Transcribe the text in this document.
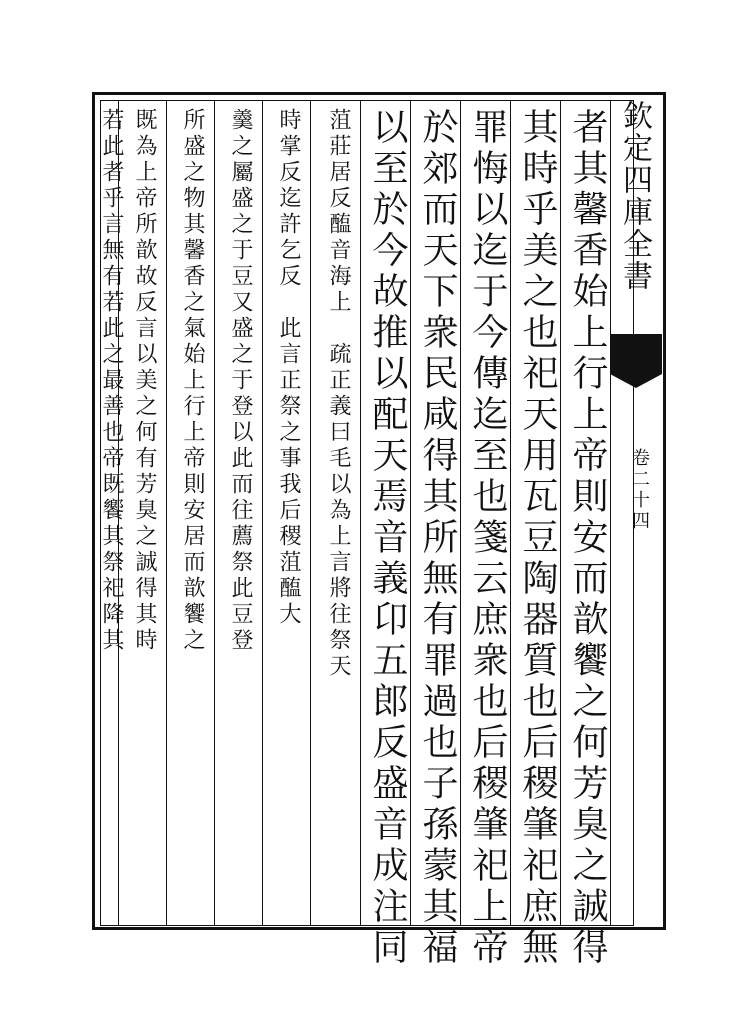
欽定四庫全書
卷二十四
者其馨香始上行上帝則安而歆饗之何芳臭之誠得
其時乎美之也祀天用瓦豆陶器質也后稷肇祀庶無
罪悔以迄于今傳迄至也箋云庶衆也后稷肇祀上帝
於郊而天下衆民咸得其所無有罪過也子孫蒙其福
以至於今故推以配天焉音義卬五郎反盛音成注同
菹莊居反醢音海上　疏正義曰毛以為上言將往祭天
時掌反迄許乞反　此言正祭之事我后稷菹醢大
羹之屬盛之于豆又盛之于登以此而往薦祭此豆登
所盛之物其馨香之氣始上行上帝則安居而歆饗之
既為上帝所歆故反言以美之何有芳臭之誠得其時
若此者乎言無有若此之最善也帝既饗其祭祀降其
